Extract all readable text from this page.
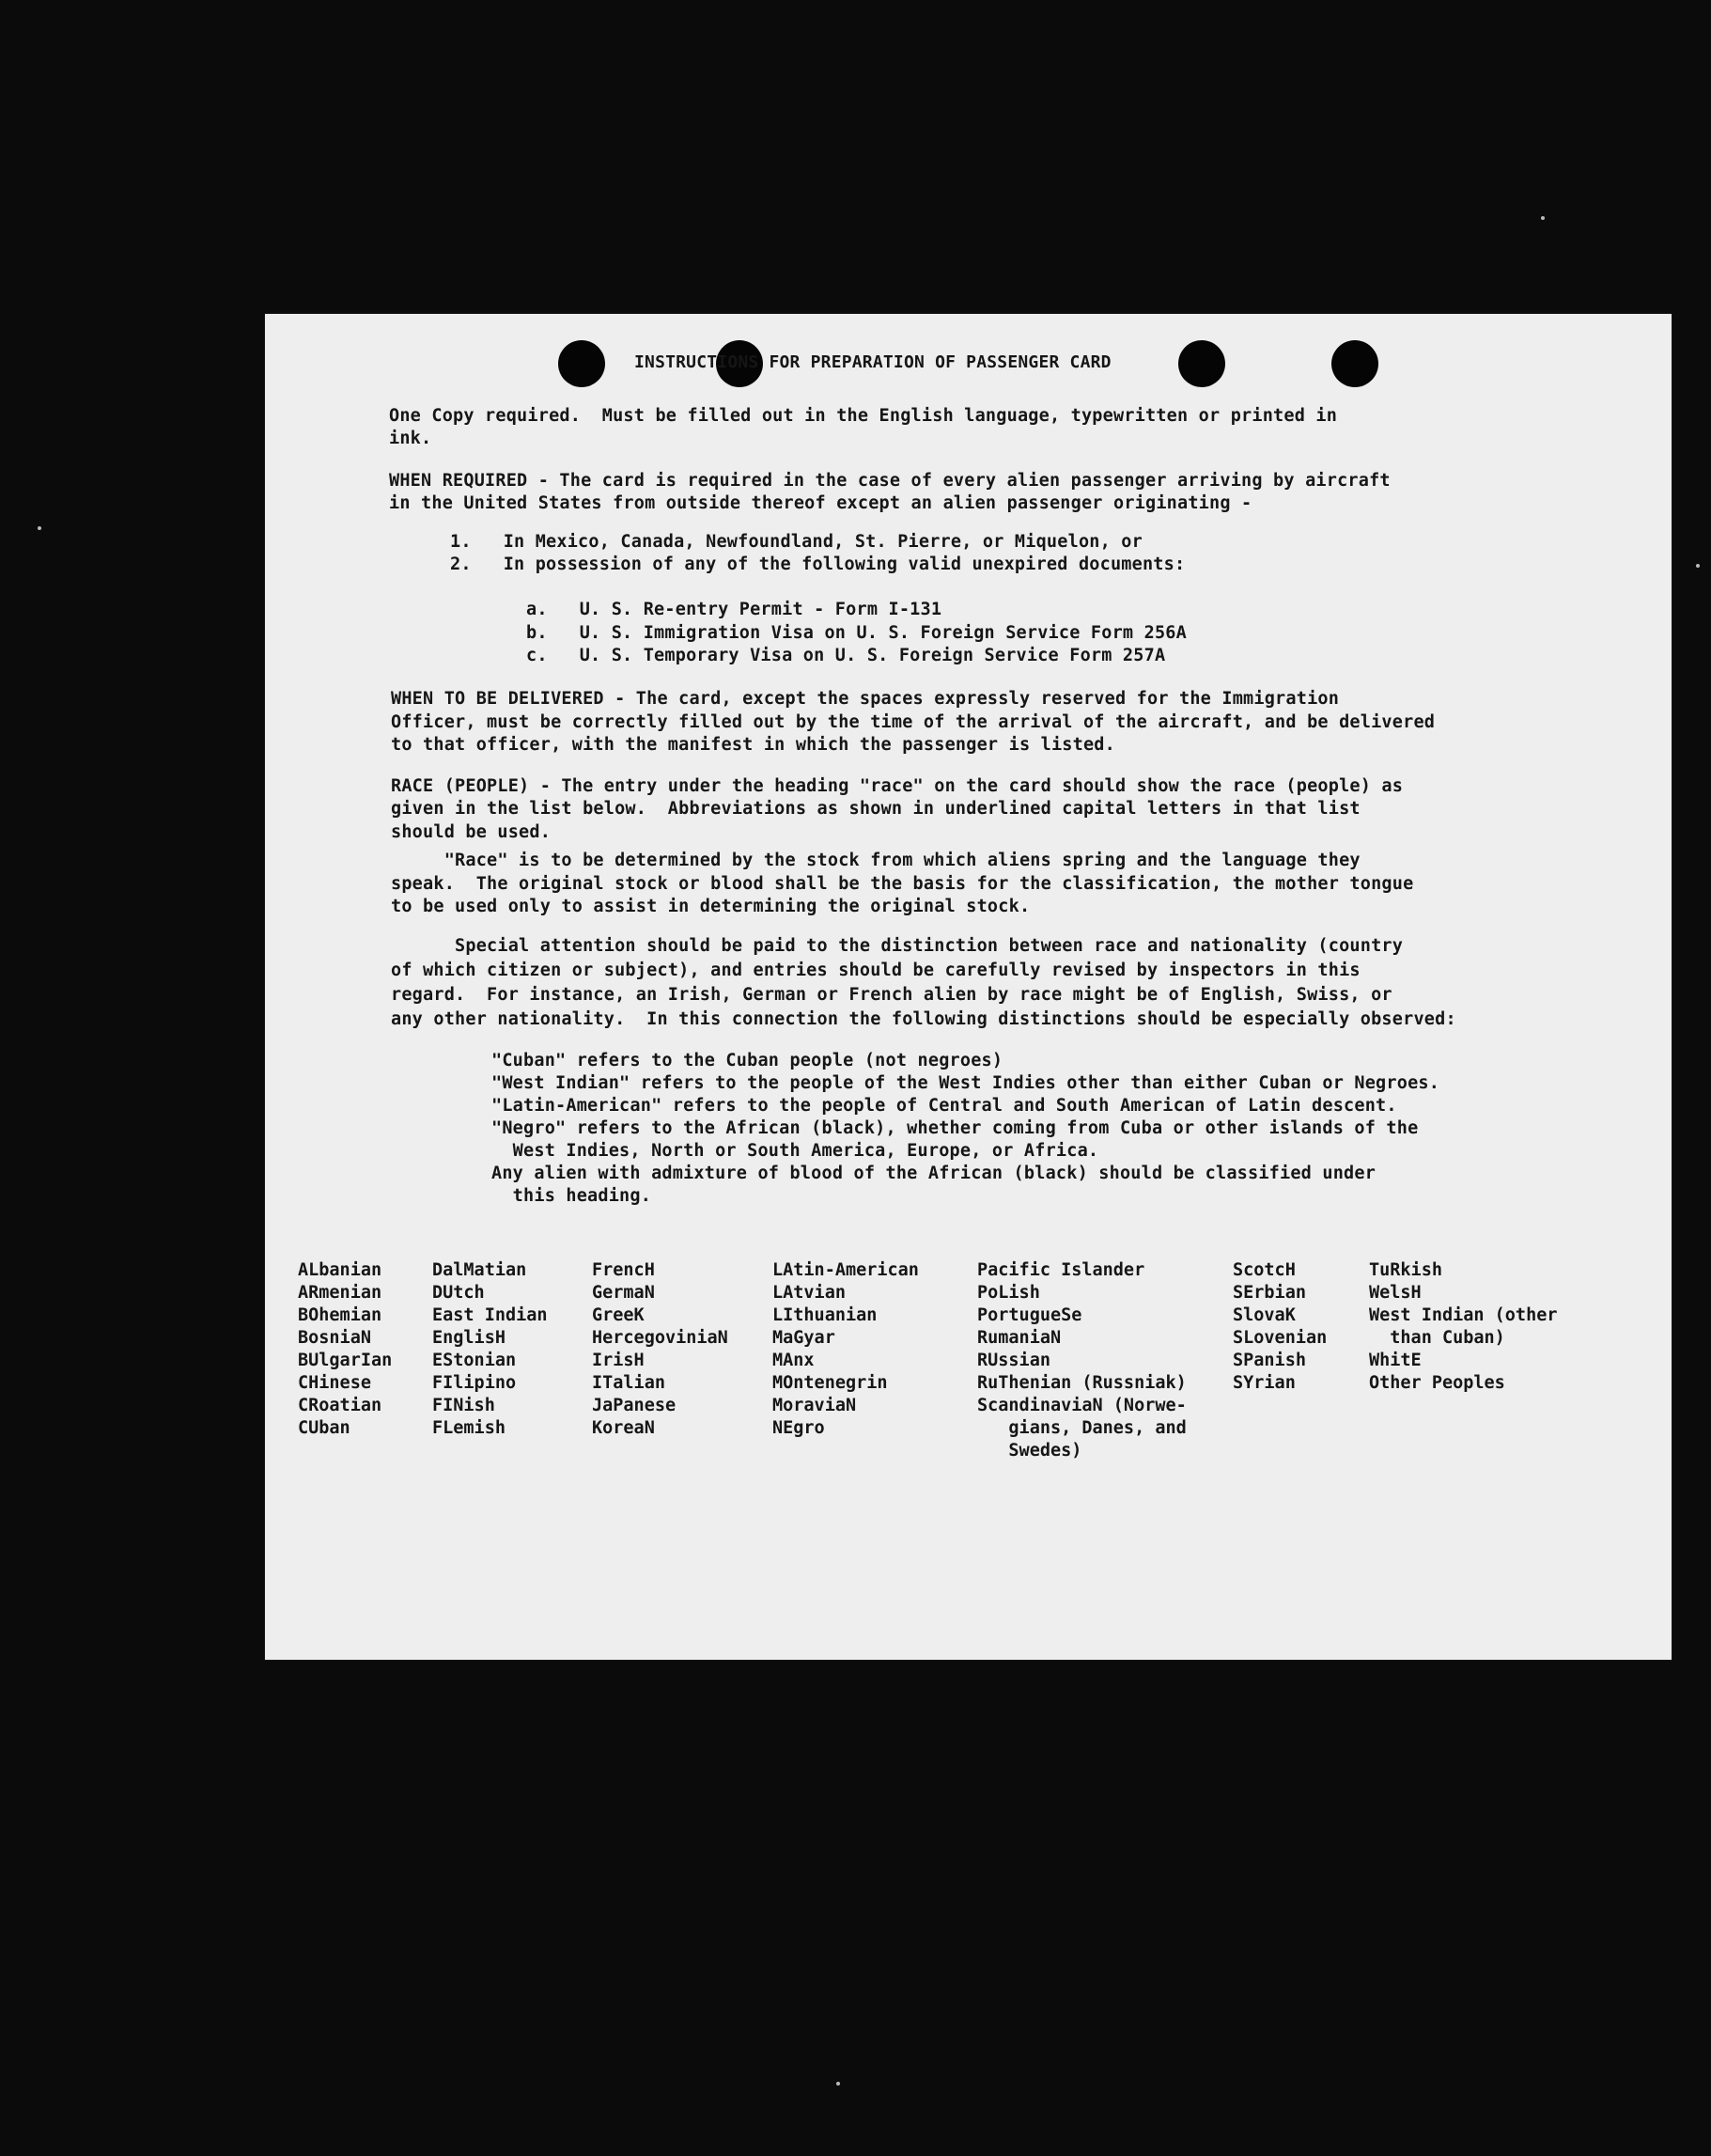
INSTRUCTIONS FOR PREPARATION OF PASSENGER CARD
One Copy required.  Must be filled out in the English language, typewritten or printed in
ink.
WHEN REQUIRED - The card is required in the case of every alien passenger arriving by aircraft
in the United States from outside thereof except an alien passenger originating -
1.   In Mexico, Canada, Newfoundland, St. Pierre, or Miquelon, or
2.   In possession of any of the following valid unexpired documents:
a.   U. S. Re-entry Permit - Form I-131
b.   U. S. Immigration Visa on U. S. Foreign Service Form 256A
c.   U. S. Temporary Visa on U. S. Foreign Service Form 257A
WHEN TO BE DELIVERED - The card, except the spaces expressly reserved for the Immigration
Officer, must be correctly filled out by the time of the arrival of the aircraft, and be delivered
to that officer, with the manifest in which the passenger is listed.
RACE (PEOPLE) - The entry under the heading "race" on the card should show the race (people) as
given in the list below.  Abbreviations as shown in underlined capital letters in that list
should be used.
"Race" is to be determined by the stock from which aliens spring and the language they
speak.  The original stock or blood shall be the basis for the classification, the mother tongue
to be used only to assist in determining the original stock.
Special attention should be paid to the distinction between race and nationality (country
of which citizen or subject), and entries should be carefully revised by inspectors in this
regard.  For instance, an Irish, German or French alien by race might be of English, Swiss, or
any other nationality.  In this connection the following distinctions should be especially observed:
"Cuban" refers to the Cuban people (not negroes)
"West Indian" refers to the people of the West Indies other than either Cuban or Negroes.
"Latin-American" refers to the people of Central and South American of Latin descent.
"Negro" refers to the African (black), whether coming from Cuba or other islands of the
West Indies, North or South America, Europe, or Africa.
Any alien with admixture of blood of the African (black) should be classified under
this heading.
ALbanian
ARmenian
BOhemian
BosniaN
BUlgarIan
CHinese
CRoatian
CUban
DalMatian
DUtch
East Indian
EnglisH
EStonian
FIlipino
FINish
FLemish
FrencH
GermaN
GreeK
HercegoviniaN
IrisH
ITalian
JaPanese
KoreaN
LAtin-American
LAtvian
LIthuanian
MaGyar
MAnx
MOntenegrin
MoraviaN
NEgro
Pacific Islander
PoLish
PortugueSe
RumaniaN
RUssian
RuThenian (Russniak)
ScandinaviaN (Norwe-
gians, Danes, and
Swedes)
ScotcH
SErbian
SlovaK
SLovenian
SPanish
SYrian
TuRkish
WelsH
West Indian (other
than Cuban)
WhitE
Other Peoples
